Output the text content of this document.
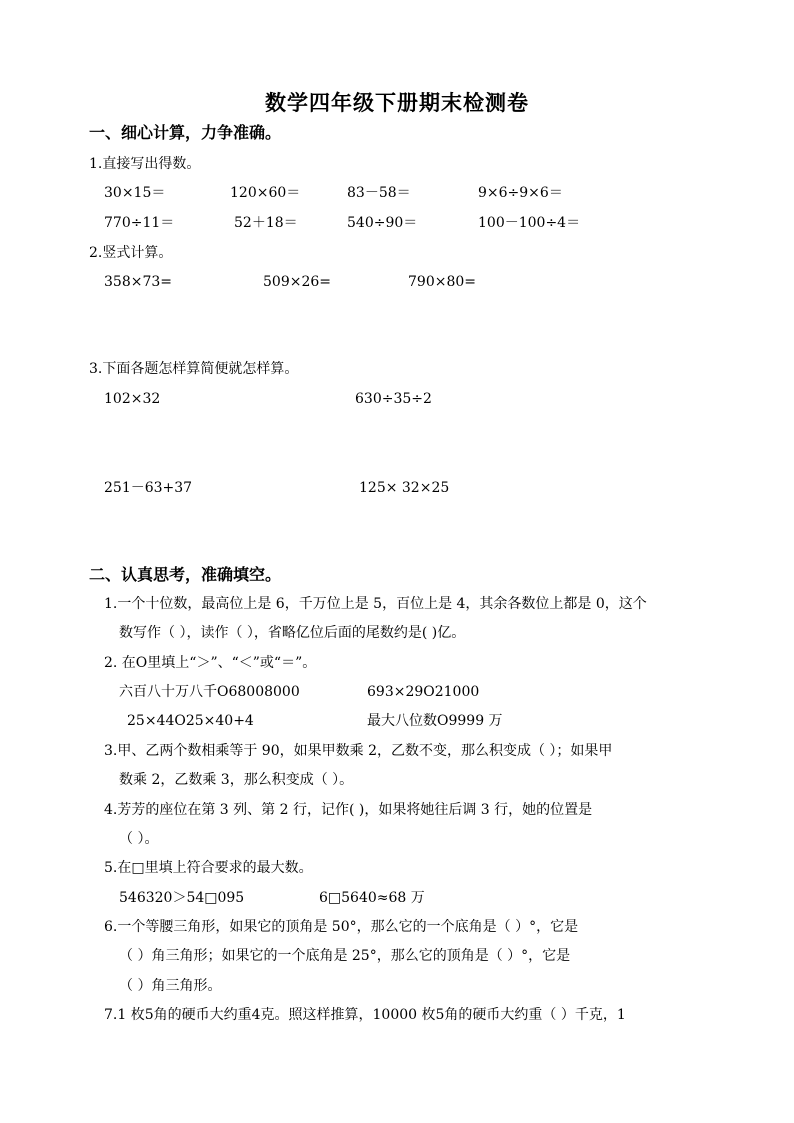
数学四年级下册期末检测卷
一、细心计算，力争准确。
1.直接写出得数。
30×15＝	120×60＝	83－58＝	9×6÷9×6＝
770÷11＝	52＋18＝	540÷90＝	100－100÷4＝
2.竖式计算。
358×73=	509×26=	790×80=
3.下面各题怎样算简便就怎样算。
102×32	630÷35÷2
251－63+37	125× 32×25
二、认真思考，准确填空。
1.一个十位数，最高位上是 6，千万位上是 5，百位上是 4，其余各数位上都是 0，这个
数写作（ ），读作（ ），省略亿位后面的尾数约是( )亿。
2. 在O里填上“＞”、“＜”或“＝”。
六百八十万八千O68008000	693×29O21000
25×44O25×40+4	最大八位数O9999 万
3.甲、乙两个数相乘等于 90，如果甲数乘 2，乙数不变，那么积变成（ ）；如果甲
数乘 2，乙数乘 3，那么积变成（ ）。
4.芳芳的座位在第 3 列、第 2 行，记作( )，如果将她往后调 3 行，她的位置是
（ ）。
5.在□里填上符合要求的最大数。
546320＞54□095	6□5640≈68 万
6.一个等腰三角形，如果它的顶角是 50°，那么它的一个底角是（ ）°，它是
（ ）角三角形；如果它的一个底角是 25°，那么它的顶角是（ ）°，它是
（ ）角三角形。
7.1 枚5角的硬币大约重4克。照这样推算，10000 枚5角的硬币大约重（ ）千克，1
